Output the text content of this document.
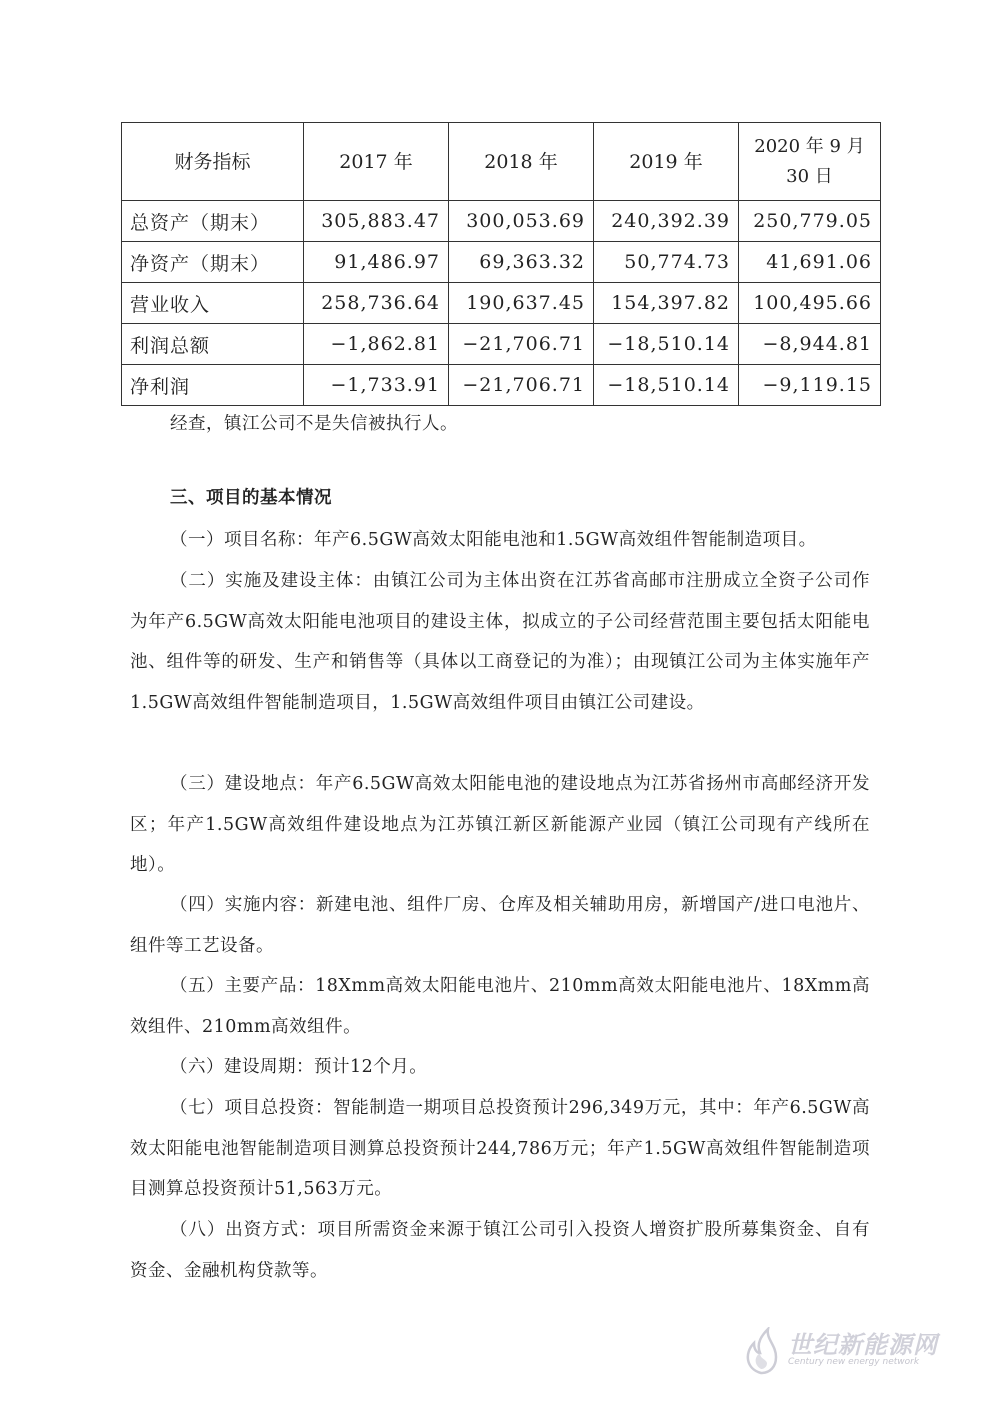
财务指标	2017 年	2018 年	2019 年	2020 年 9 月 30 日
总资产（期末）	305,883.47	300,053.69	240,392.39	250,779.05
净资产（期末）	91,486.97	69,363.32	50,774.73	41,691.06
营业收入	258,736.64	190,637.45	154,397.82	100,495.66
利润总额	−1,862.81	−21,706.71	−18,510.14	−8,944.81
净利润	−1,733.91	−21,706.71	−18,510.14	−9,119.15

经查，镇江公司不是失信被执行人。

三、项目的基本情况

（一）项目名称：年产6.5GW高效太阳能电池和1.5GW高效组件智能制造项目。

（二）实施及建设主体：由镇江公司为主体出资在江苏省高邮市注册成立全资子公司作为年产6.5GW高效太阳能电池项目的建设主体，拟成立的子公司经营范围主要包括太阳能电池、组件等的研发、生产和销售等（具体以工商登记的为准）；由现镇江公司为主体实施年产1.5GW高效组件智能制造项目，1.5GW高效组件项目由镇江公司建设。

（三）建设地点：年产6.5GW高效太阳能电池的建设地点为江苏省扬州市高邮经济开发区；年产1.5GW高效组件建设地点为江苏镇江新区新能源产业园（镇江公司现有产线所在地）。

（四）实施内容：新建电池、组件厂房、仓库及相关辅助用房，新增国产/进口电池片、组件等工艺设备。

（五）主要产品：18Xmm高效太阳能电池片、210mm高效太阳能电池片、18Xmm高效组件、210mm高效组件。

（六）建设周期：预计12个月。

（七）项目总投资：智能制造一期项目总投资预计296,349万元，其中：年产6.5GW高效太阳能电池智能制造项目测算总投资预计244,786万元；年产1.5GW高效组件智能制造项目测算总投资预计51,563万元。

（八）出资方式：项目所需资金来源于镇江公司引入投资人增资扩股所募集资金、自有资金、金融机构贷款等。

世纪新能源网
Century new energy network
